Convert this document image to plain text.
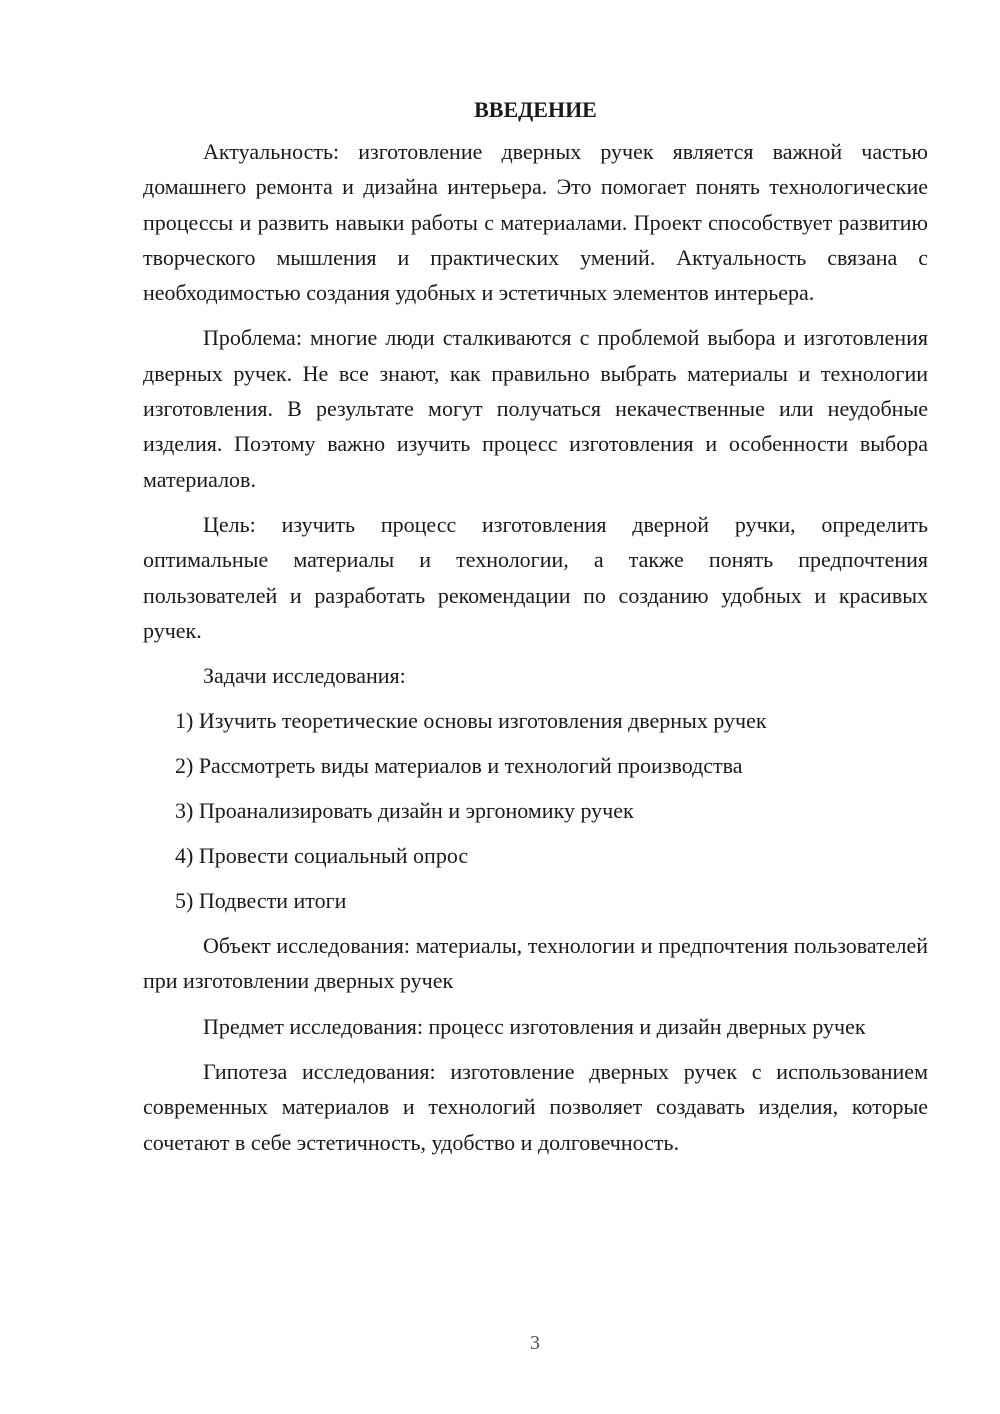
ВВЕДЕНИЕ

Актуальность: изготовление дверных ручек является важной частью домашнего ремонта и дизайна интерьера. Это помогает понять технологические процессы и развить навыки работы с материалами. Проект способствует развитию творческого мышления и практических умений. Актуальность связана с необходимостью создания удобных и эстетичных элементов интерьера.

Проблема: многие люди сталкиваются с проблемой выбора и изготовления дверных ручек. Не все знают, как правильно выбрать материалы и технологии изготовления. В результате могут получаться некачественные или неудобные изделия. Поэтому важно изучить процесс изготовления и особенности выбора материалов.

Цель: изучить процесс изготовления дверной ручки, определить оптимальные материалы и технологии, а также понять предпочтения пользователей и разработать рекомендации по созданию удобных и красивых ручек.

Задачи исследования:

1) Изучить теоретические основы изготовления дверных ручек
2) Рассмотреть виды материалов и технологий производства
3) Проанализировать дизайн и эргономику ручек
4) Провести социальный опрос
5) Подвести итоги

Объект исследования: материалы, технологии и предпочтения пользователей при изготовлении дверных ручек

Предмет исследования: процесс изготовления и дизайн дверных ручек

Гипотеза исследования: изготовление дверных ручек с использованием современных материалов и технологий позволяет создавать изделия, которые сочетают в себе эстетичность, удобство и долговечность.

3
